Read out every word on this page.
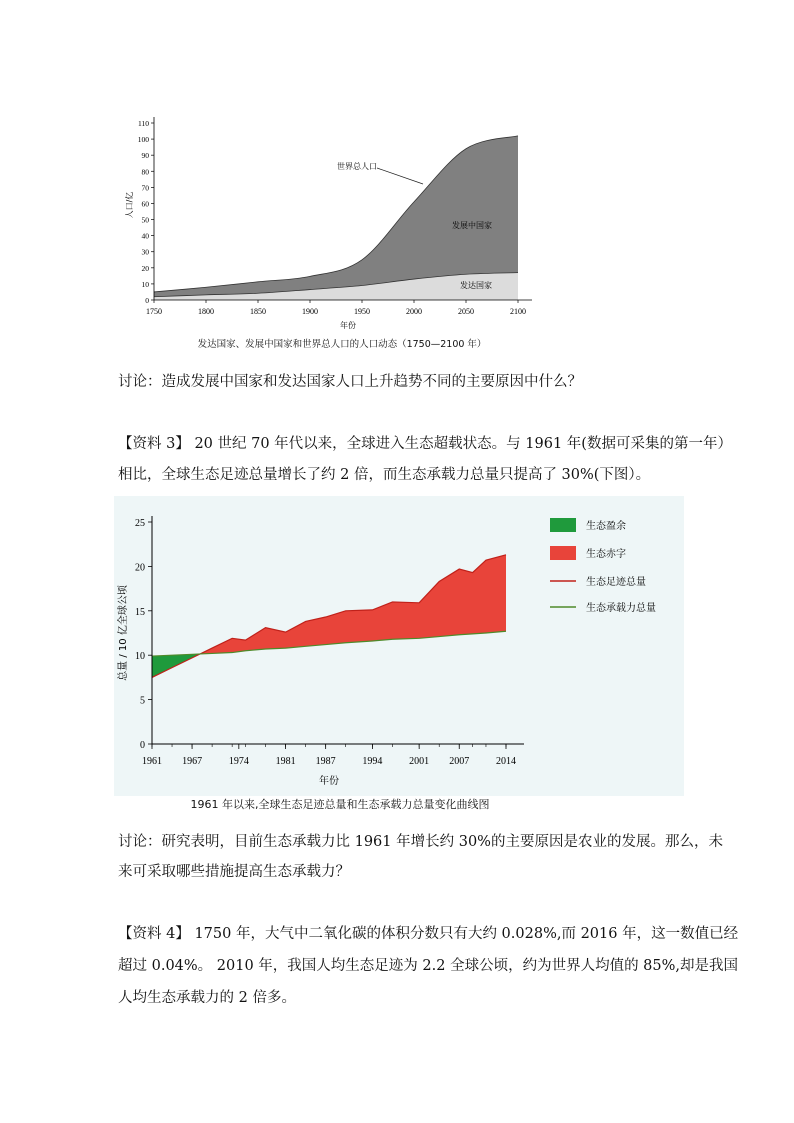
0
10
20
30
40
50
60
70
80
90
100
110
1750	1800	1850	1900	1950	2000	2050	2100
人口/亿
年份
世界总人口
发展中国家
发达国家
发达国家、发展中国家和世界总人口的人口动态（1750—2100 年）
讨论：造成发展中国家和发达国家人口上升趋势不同的主要原因中什么？
【资料 3】 20 世纪 70 年代以来，全球进入生态超载状态。与 1961 年(数据可采集的第一年）
相比，全球生态足迹总量增长了约 2 倍，而生态承载力总量只提高了 30%(下图）。
0
5
10
15
20
25
1961 1967	1974	1981 1987	1994	2001 2007	2014
总量 / 10 亿全球公顷
年份
生态盈余
生态赤字
生态足迹总量
生态承载力总量
1961 年以来,全球生态足迹总量和生态承载力总量变化曲线图
讨论：研究表明，目前生态承载力比 1961 年增长约 30%的主要原因是农业的发展。那么，未
来可采取哪些措施提高生态承载力？
【资料 4】 1750 年，大气中二氧化碳的体积分数只有大约 0.028%,而 2016 年，这一数值已经
超过 0.04%。 2010 年，我国人均生态足迹为 2.2 全球公顷，约为世界人均值的 85%,却是我国
人均生态承载力的 2 倍多。
